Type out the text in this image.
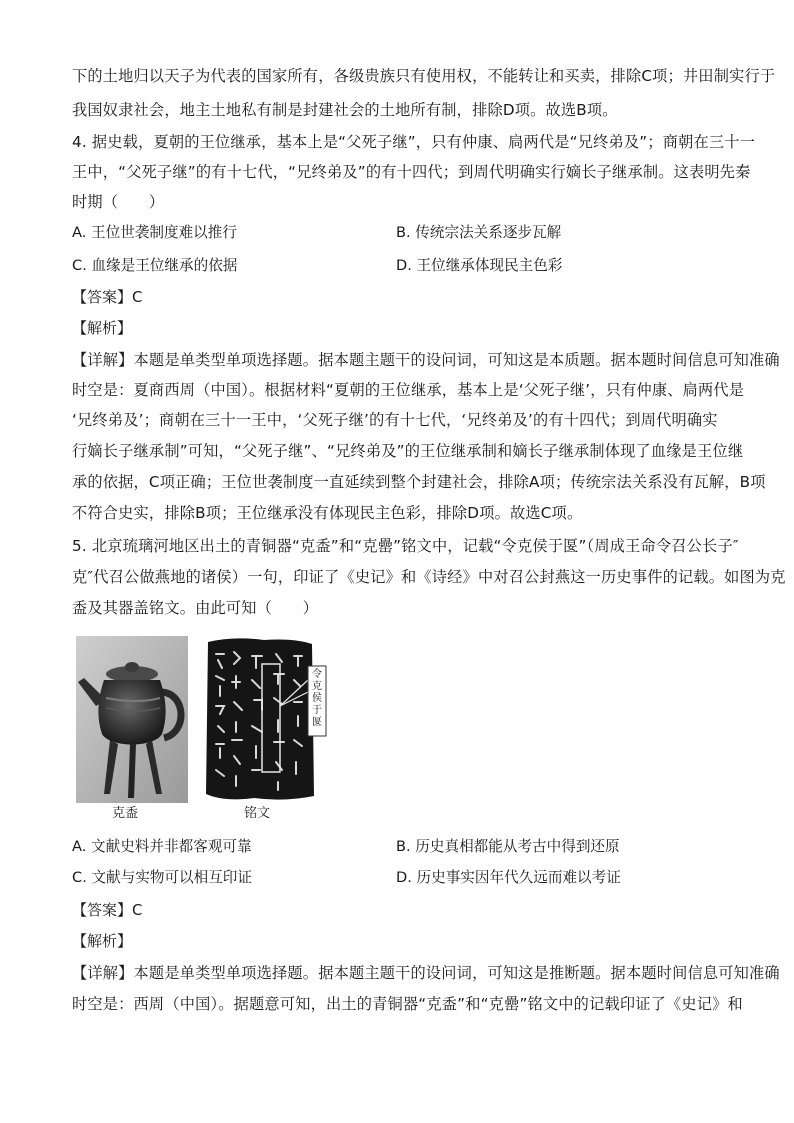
下的土地归以天子为代表的国家所有，各级贵族只有使用权，不能转让和买卖，排除C项；井田制实行于
我国奴隶社会，地主土地私有制是封建社会的土地所有制，排除D项。故选B项。
4. 据史载，夏朝的王位继承，基本上是“父死子继”，只有仲康、扃两代是“兄终弟及”；商朝在三十一
王中，“父死子继”的有十七代，“兄终弟及”的有十四代；到周代明确实行嫡长子继承制。这表明先秦
时期（　　）
A. 王位世袭制度难以推行	B. 传统宗法关系逐步瓦解
C. 血缘是王位继承的依据	D. 王位继承体现民主色彩
【答案】C
【解析】
【详解】本题是单类型单项选择题。据本题主题干的设问词，可知这是本质题。据本题时间信息可知准确
时空是：夏商西周（中国）。根据材料“夏朝的王位继承，基本上是‘父死子继’，只有仲康、扃两代是
‘兄终弟及’；商朝在三十一王中，‘父死子继’的有十七代，‘兄终弟及’的有十四代；到周代明确实
行嫡长子继承制”可知，“父死子继”、“兄终弟及”的王位继承制和嫡长子继承制体现了血缘是王位继
承的依据，C项正确；王位世袭制度一直延续到整个封建社会，排除A项；传统宗法关系没有瓦解，B项
不符合史实，排除B项；王位继承没有体现民主色彩，排除D项。故选C项。
5. 北京琉璃河地区出土的青铜器“克盉”和“克罍”铭文中，记载“令克侯于匽”（周成王命令召公长子″
克″代召公做燕地的诸侯）一句，印证了《史记》和《诗经》中对召公封燕这一历史事件的记载。如图为克
盉及其器盖铭文。由此可知（　　）
令克侯于匽
克盉	铭文
A. 文献史料并非都客观可靠	B. 历史真相都能从考古中得到还原
C. 文献与实物可以相互印证	D. 历史事实因年代久远而难以考证
【答案】C
【解析】
【详解】本题是单类型单项选择题。据本题主题干的设问词，可知这是推断题。据本题时间信息可知准确
时空是：西周（中国）。据题意可知，出土的青铜器“克盉”和“克罍”铭文中的记载印证了《史记》和
